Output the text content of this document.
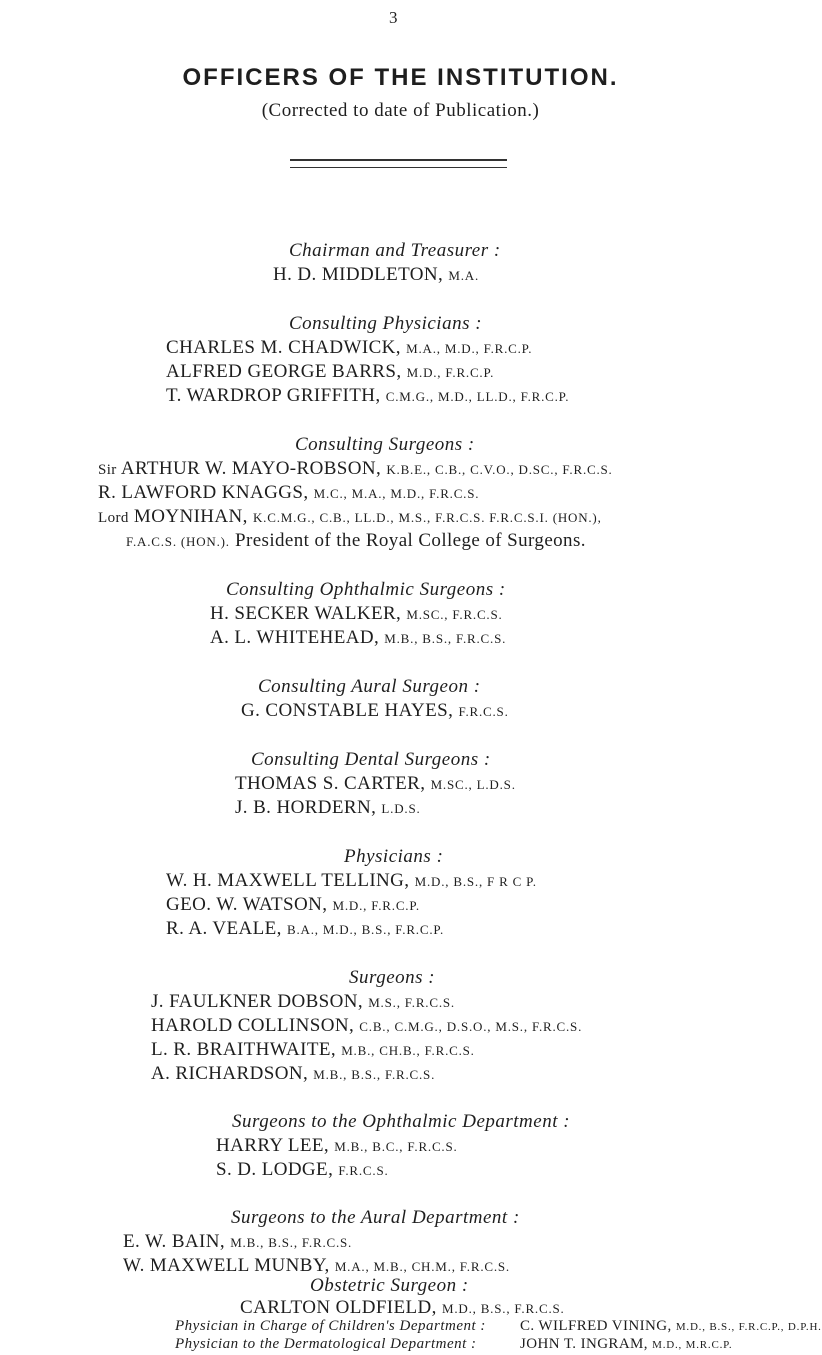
3
OFFICERS OF THE INSTITUTION.
(Corrected to date of Publication.)
Chairman and Treasurer :
H. D. MIDDLETON, M.A.
Consulting Physicians :
CHARLES M. CHADWICK, M.A., M.D., F.R.C.P.
ALFRED GEORGE BARRS, M.D., F.R.C.P.
T. WARDROP GRIFFITH, C.M.G., M.D., LL.D., F.R.C.P.
Consulting Surgeons :
Sir ARTHUR W. MAYO-ROBSON, K.B.E., C.B., C.V.O., D.SC., F.R.C.S.
R. LAWFORD KNAGGS, M.C., M.A., M.D., F.R.C.S.
Lord MOYNIHAN, K.C.M.G., C.B., LL.D., M.S., F.R.C.S. F.R.C.S.I. (HON.),
F.A.C.S. (HON.). President of the Royal College of Surgeons.
Consulting Ophthalmic Surgeons :
H. SECKER WALKER, M.SC., F.R.C.S.
A. L. WHITEHEAD, M.B., B.S., F.R.C.S.
Consulting Aural Surgeon :
G. CONSTABLE HAYES, F.R.C.S.
Consulting Dental Surgeons :
THOMAS S. CARTER, M.SC., L.D.S.
J. B. HORDERN, L.D.S.
Physicians :
W. H. MAXWELL TELLING, M.D., B.S., F R C P.
GEO. W. WATSON, M.D., F.R.C.P.
R. A. VEALE, B.A., M.D., B.S., F.R.C.P.
Surgeons :
J. FAULKNER DOBSON, M.S., F.R.C.S.
HAROLD COLLINSON, C.B., C.M.G., D.S.O., M.S., F.R.C.S.
L. R. BRAITHWAITE, M.B., CH.B., F.R.C.S.
A. RICHARDSON, M.B., B.S., F.R.C.S.
Surgeons to the Ophthalmic Department :
HARRY LEE, M.B., B.C., F.R.C.S.
S. D. LODGE, F.R.C.S.
Surgeons to the Aural Department :
E. W. BAIN, M.B., B.S., F.R.C.S.
W. MAXWELL MUNBY, M.A., M.B., CH.M., F.R.C.S.
Obstetric Surgeon :
CARLTON OLDFIELD, M.D., B.S., F.R.C.S.
Physician in Charge of Children's Department : C. WILFRED VINING, M.D., B.S., F.R.C.P., D.P.H.
Physician to the Dermatological Department :	JOHN T. INGRAM, M.D., M.R.C.P.
